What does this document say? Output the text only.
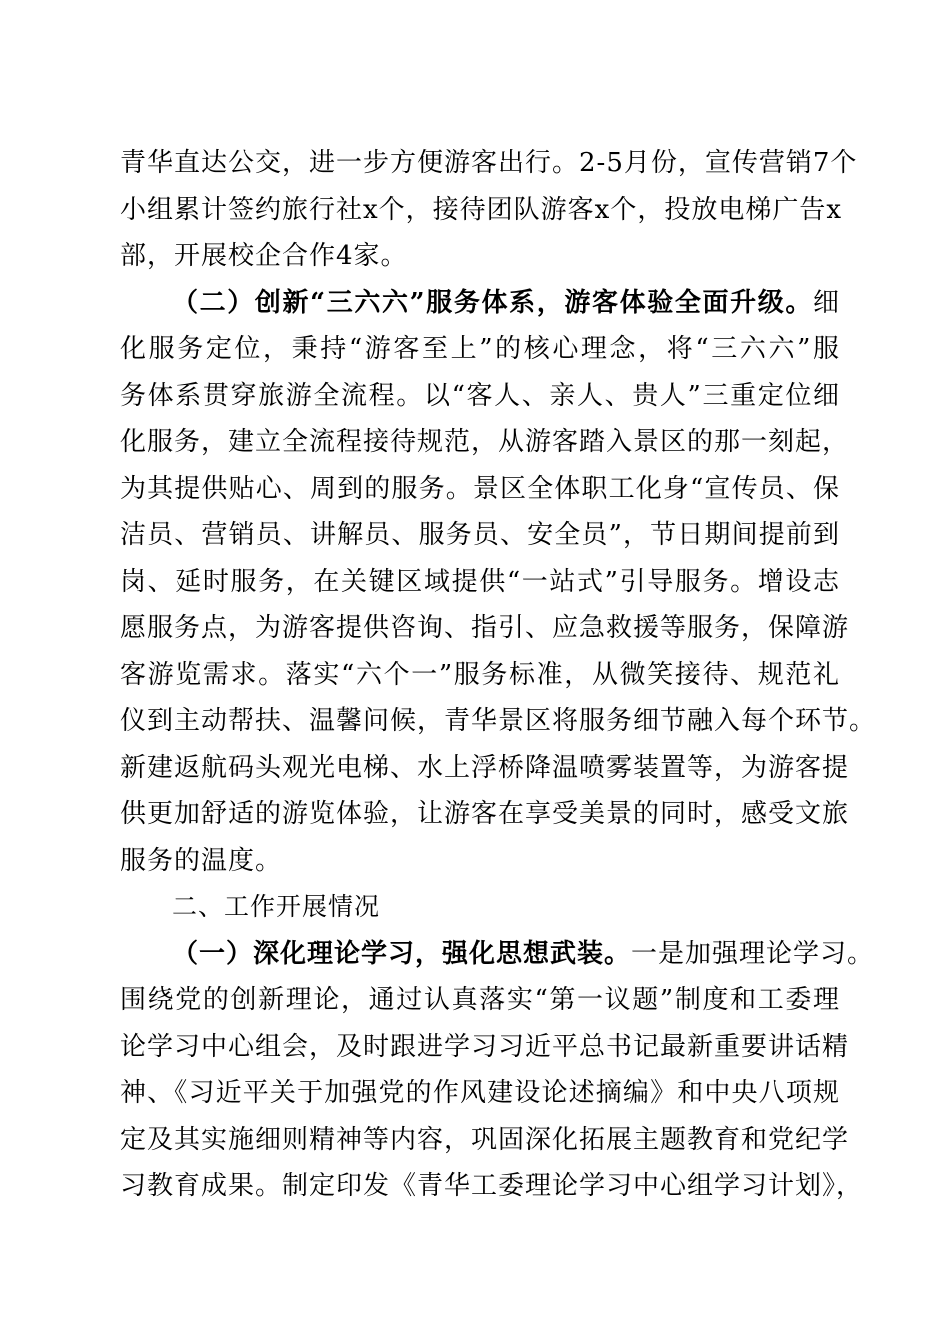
青华直达公交，进一步方便游客出行。2-5月份，宣传营销7个
小组累计签约旅行社x个，接待团队游客x个，投放电梯广告x
部，开展校企合作4家。
（二）创新“三六六”服务体系，游客体验全面升级。细
化服务定位，秉持“游客至上”的核心理念，将“三六六”服
务体系贯穿旅游全流程。以“客人、亲人、贵人”三重定位细
化服务，建立全流程接待规范，从游客踏入景区的那一刻起，
为其提供贴心、周到的服务。景区全体职工化身“宣传员、保
洁员、营销员、讲解员、服务员、安全员”，节日期间提前到
岗、延时服务，在关键区域提供“一站式”引导服务。增设志
愿服务点，为游客提供咨询、指引、应急救援等服务，保障游
客游览需求。落实“六个一”服务标准，从微笑接待、规范礼
仪到主动帮扶、温馨问候，青华景区将服务细节融入每个环节。
新建返航码头观光电梯、水上浮桥降温喷雾装置等，为游客提
供更加舒适的游览体验，让游客在享受美景的同时，感受文旅
服务的温度。
二、工作开展情况
（一）深化理论学习，强化思想武装。一是加强理论学习。
围绕党的创新理论，通过认真落实“第一议题”制度和工委理
论学习中心组会，及时跟进学习习近平总书记最新重要讲话精
神、《习近平关于加强党的作风建设论述摘编》和中央八项规
定及其实施细则精神等内容，巩固深化拓展主题教育和党纪学
习教育成果。制定印发《青华工委理论学习中心组学习计划》，
